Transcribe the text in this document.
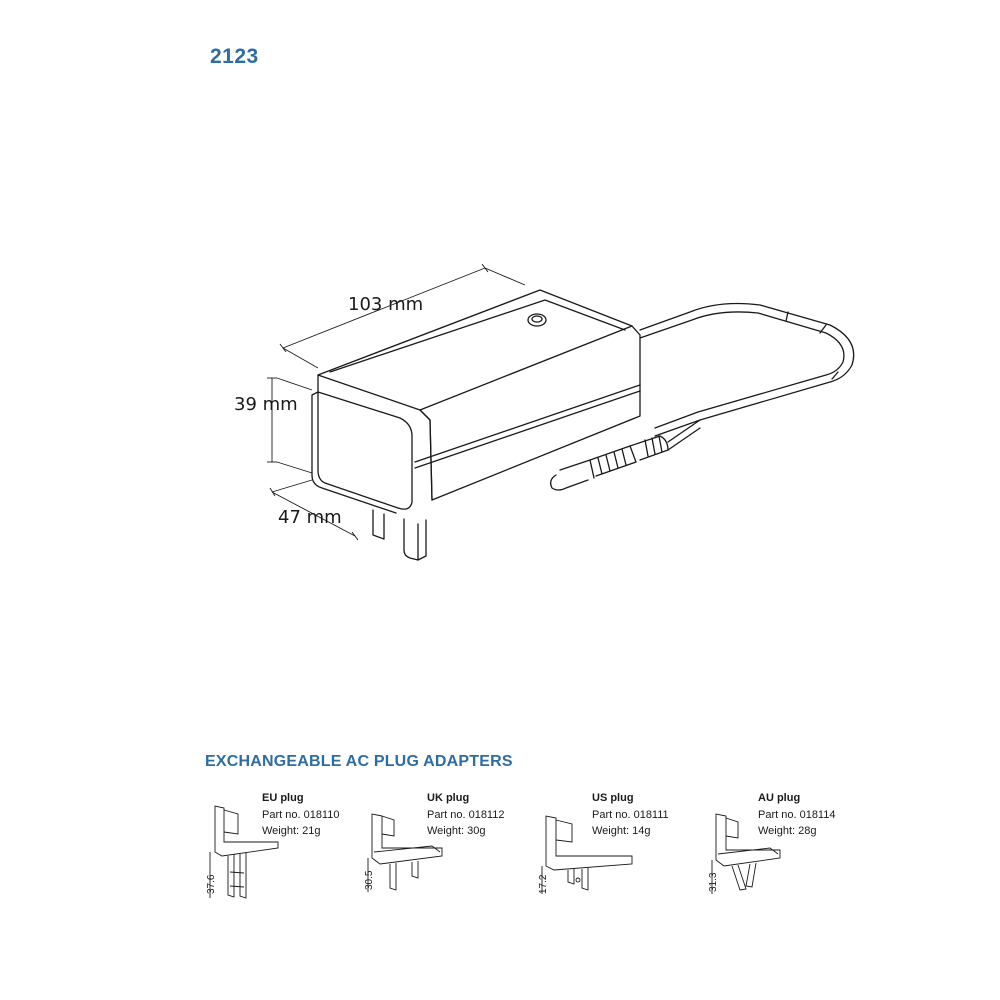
2123
103 mm
39 mm
47 mm
EXCHANGEABLE AC PLUG ADAPTERS
37.6
EU plug
Part no. 018110
Weight: 21g
30.5
UK plug
Part no. 018112
Weight: 30g
17.2
US plug
Part no. 018111
Weight: 14g
31.3
AU plug
Part no. 018114
Weight: 28g
